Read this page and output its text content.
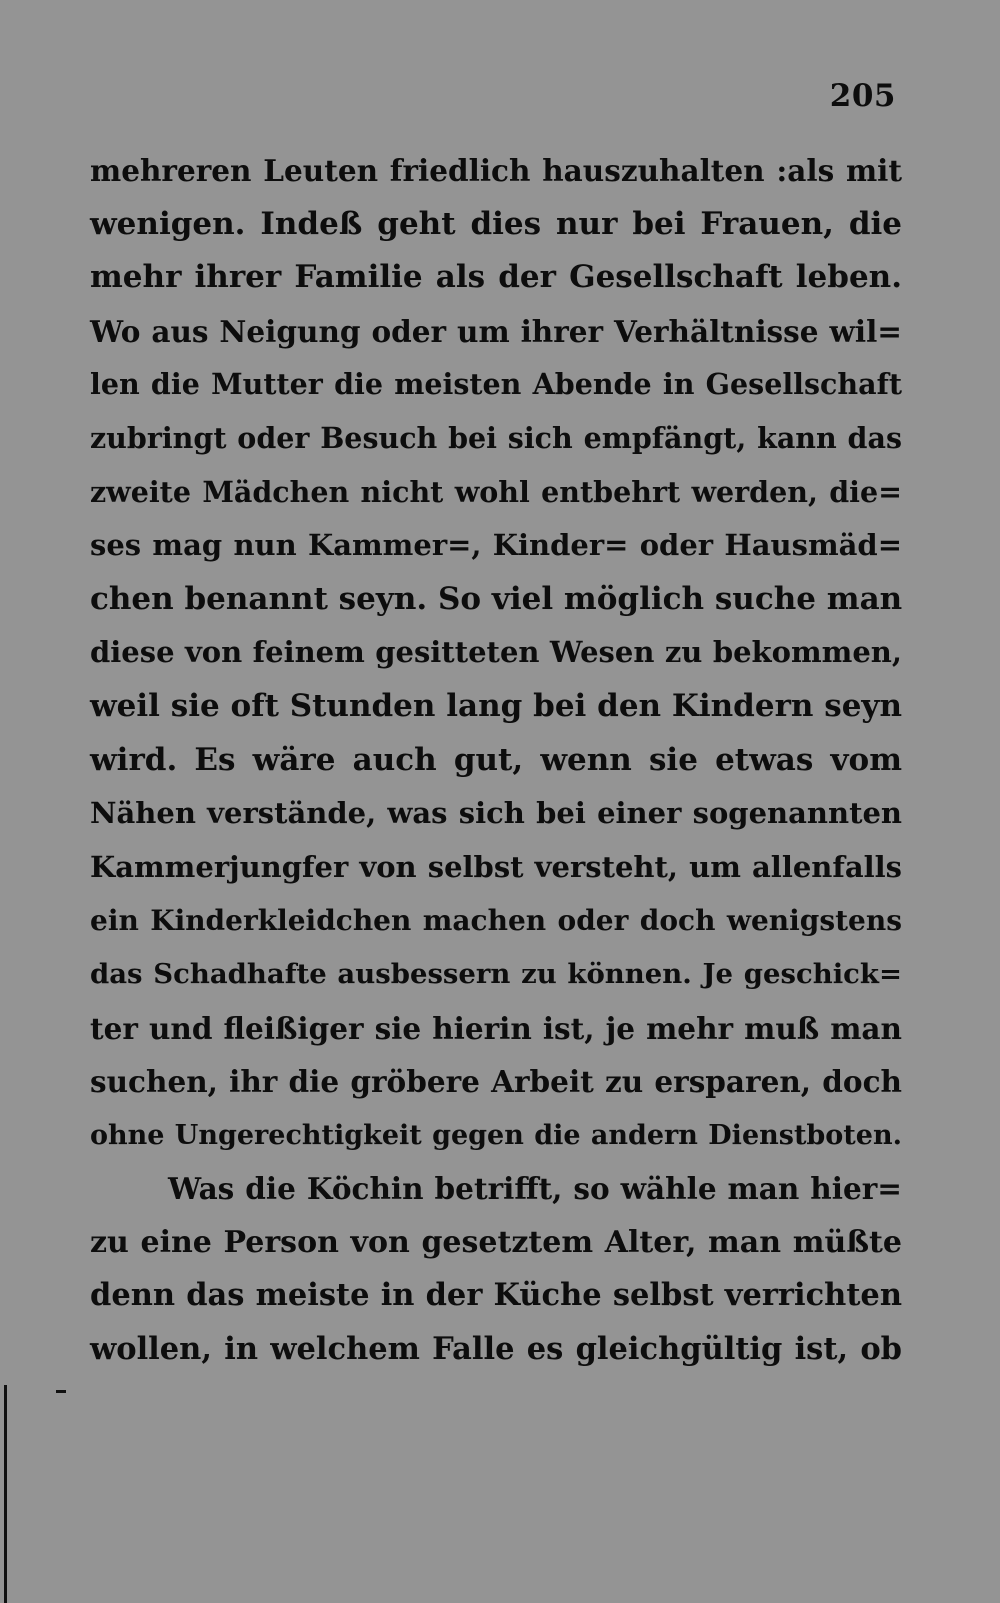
205
mehreren Leuten friedlich hauszuhalten :als mit
wenigen. Indeß geht dies nur bei Frauen, die
mehr ihrer Familie als der Gesellschaft leben.
Wo aus Neigung oder um ihrer Verhältnisse wil=
len die Mutter die meisten Abende in Gesellschaft
zubringt oder Besuch bei sich empfängt, kann das
zweite Mädchen nicht wohl entbehrt werden, die=
ses mag nun Kammer=, Kinder= oder Hausmäd=
chen benannt seyn. So viel möglich suche man
diese von feinem gesitteten Wesen zu bekommen,
weil sie oft Stunden lang bei den Kindern seyn
wird. Es wäre auch gut, wenn sie etwas vom
Nähen verstände, was sich bei einer sogenannten
Kammerjungfer von selbst versteht, um allenfalls
ein Kinderkleidchen machen oder doch wenigstens
das Schadhafte ausbessern zu können. Je geschick=
ter und fleißiger sie hierin ist, je mehr muß man
suchen, ihr die gröbere Arbeit zu ersparen, doch
ohne Ungerechtigkeit gegen die andern Dienstboten.
Was die Köchin betrifft, so wähle man hier=
zu eine Person von gesetztem Alter, man müßte
denn das meiste in der Küche selbst verrichten
wollen, in welchem Falle es gleichgültig ist, ob
